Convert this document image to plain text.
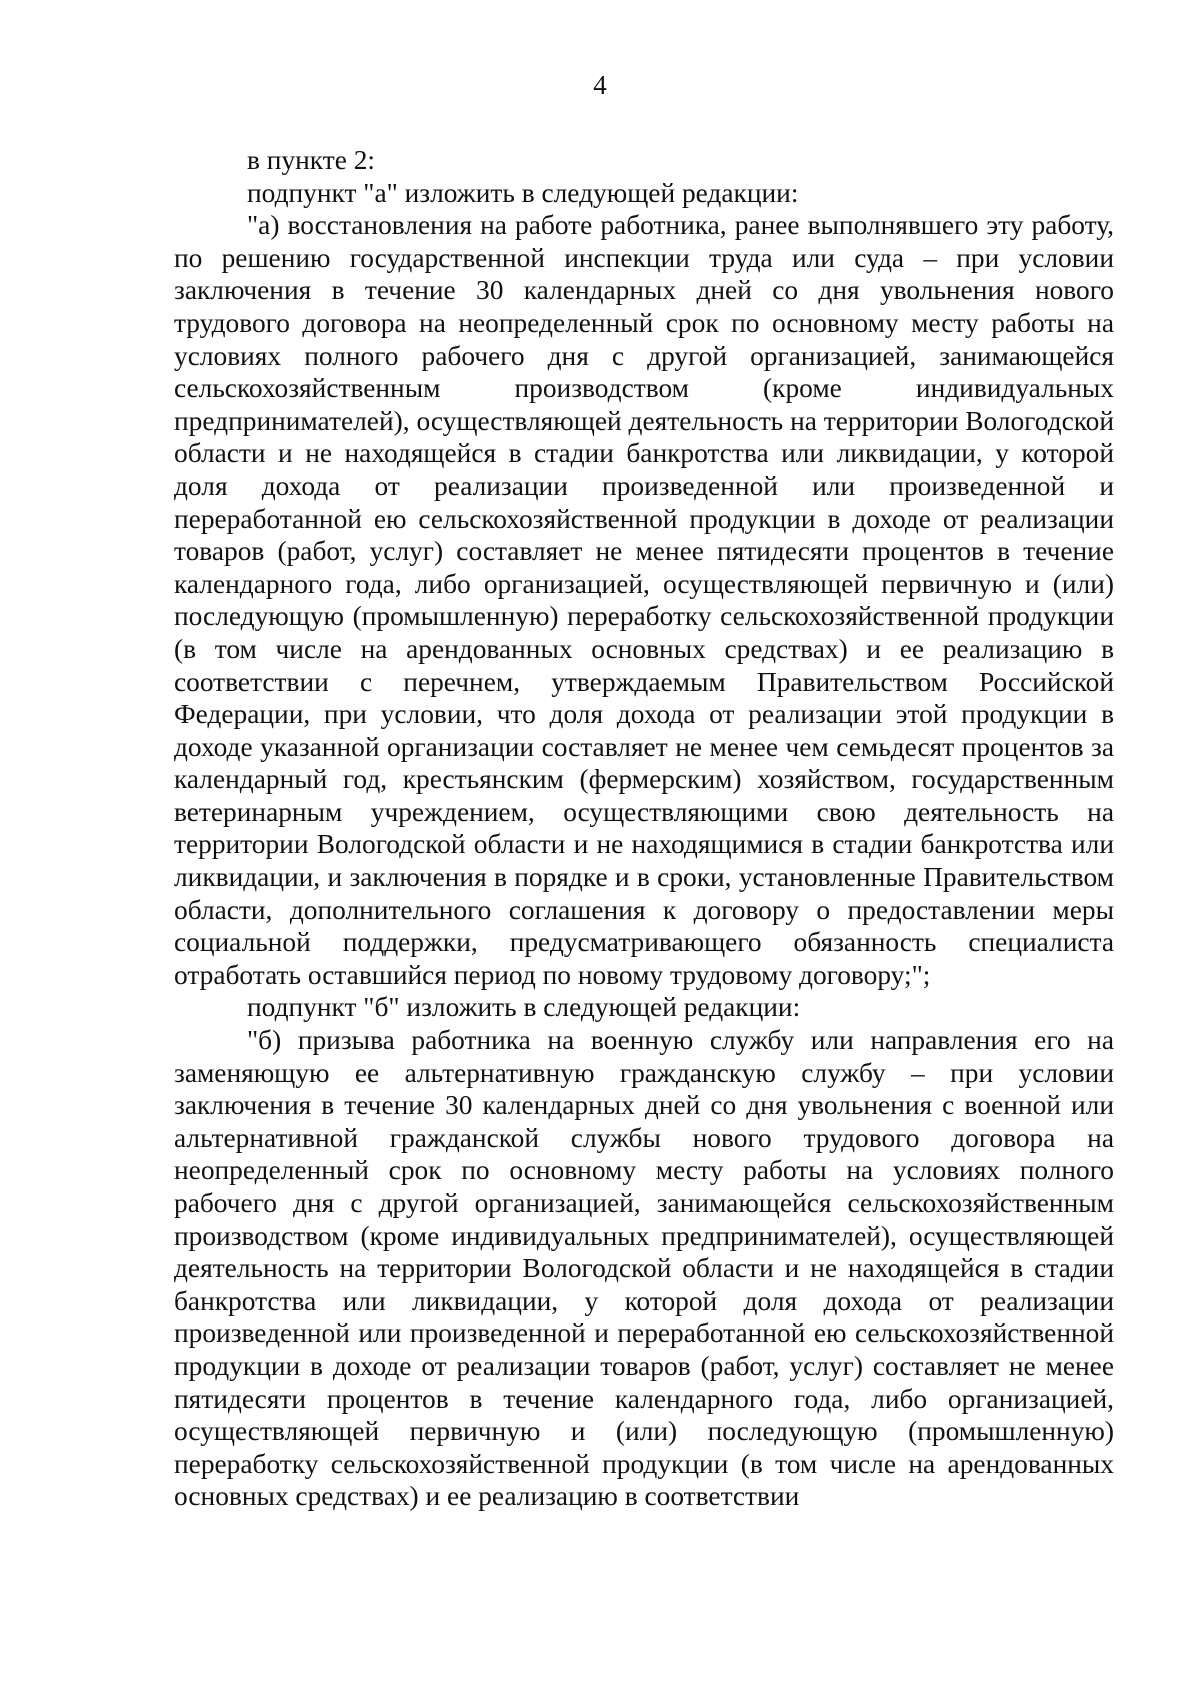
4

в пункте 2:

подпункт "а" изложить в следующей редакции:

"а) восстановления на работе работника, ранее выполнявшего эту работу, по решению государственной инспекции труда или суда – при условии заключения в течение 30 календарных дней со дня увольнения нового трудового договора на неопределенный срок по основному месту работы на условиях полного рабочего дня с другой организацией, занимающейся сельскохозяйственным производством (кроме индивидуальных предпринимателей), осуществляющей деятельность на территории Вологодской области и не находящейся в стадии банкротства или ликвидации, у которой доля дохода от реализации произведенной или произведенной и переработанной ею сельскохозяйственной продукции в доходе от реализации товаров (работ, услуг) составляет не менее пятидесяти процентов в течение календарного года, либо организацией, осуществляющей первичную и (или) последующую (промышленную) переработку сельскохозяйственной продукции (в том числе на арендованных основных средствах) и ее реализацию в соответствии с перечнем, утверждаемым Правительством Российской Федерации, при условии, что доля дохода от реализации этой продукции в доходе указанной организации составляет не менее чем семьдесят процентов за календарный год, крестьянским (фермерским) хозяйством, государственным ветеринарным учреждением, осуществляющими свою деятельность на территории Вологодской области и не находящимися в стадии банкротства или ликвидации, и заключения в порядке и в сроки, установленные Правительством области, дополнительного соглашения к договору о предоставлении меры социальной поддержки, предусматривающего обязанность специалиста отработать оставшийся период по новому трудовому договору;";

подпункт "б" изложить в следующей редакции:

"б) призыва работника на военную службу или направления его на заменяющую ее альтернативную гражданскую службу – при условии заключения в течение 30 календарных дней со дня увольнения с военной или альтернативной гражданской службы нового трудового договора на неопределенный срок по основному месту работы на условиях полного рабочего дня с другой организацией, занимающейся сельскохозяйственным производством (кроме индивидуальных предпринимателей), осуществляющей деятельность на территории Вологодской области и не находящейся в стадии банкротства или ликвидации, у которой доля дохода от реализации произведенной или произведенной и переработанной ею сельскохозяйственной продукции в доходе от реализации товаров (работ, услуг) составляет не менее пятидесяти процентов в течение календарного года, либо организацией, осуществляющей первичную и (или) последующую (промышленную) переработку сельскохозяйственной продукции (в том числе на арендованных основных средствах) и ее реализацию в соответствии
